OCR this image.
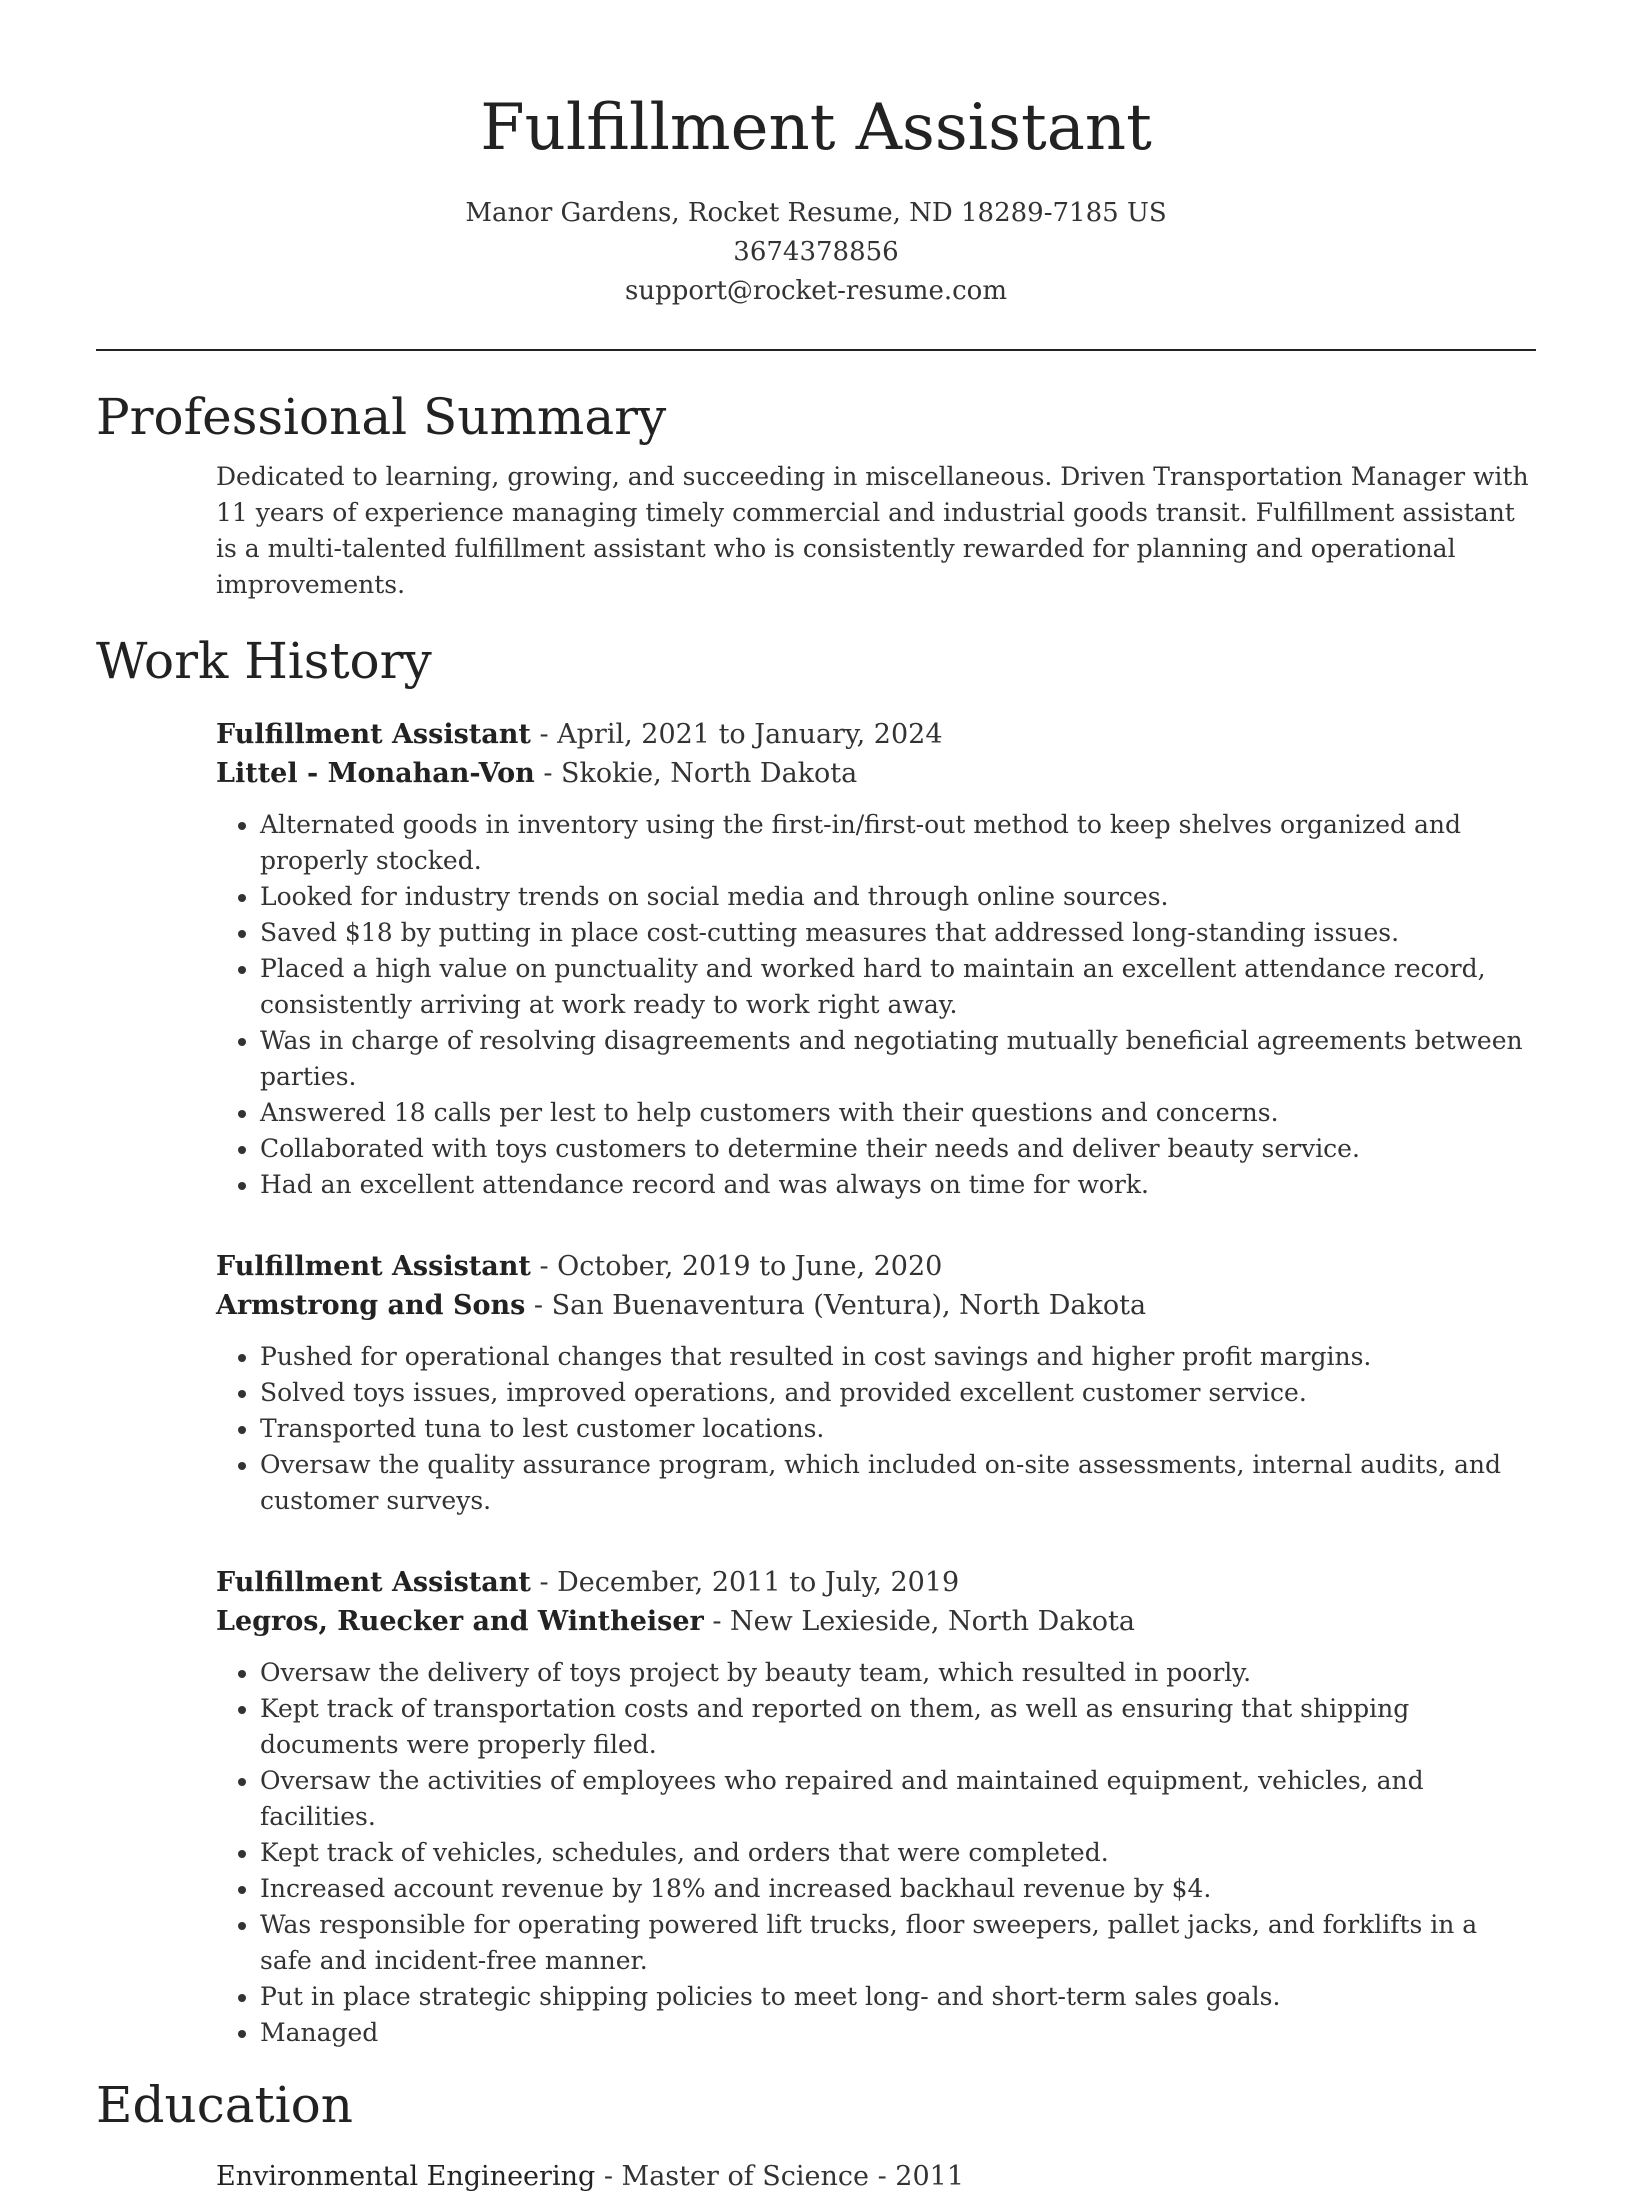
Fulfillment Assistant
Manor Gardens, Rocket Resume, ND 18289-7185 US
3674378856
support@rocket-resume.com
Professional Summary

Dedicated to learning, growing, and succeeding in miscellaneous. Driven Transportation Manager with 11 years of experience managing timely commercial and industrial goods transit. Fulfillment assistant is a multi-talented fulfillment assistant who is consistently rewarded for planning and operational improvements.

Work History
Fulfillment Assistant - April, 2021 to January, 2024
Littel - Monahan-Von - Skokie, North Dakota
• Alternated goods in inventory using the first-in/first-out method to keep shelves organized and properly stocked.
• Looked for industry trends on social media and through online sources.
• Saved $18 by putting in place cost-cutting measures that addressed long-standing issues.
• Placed a high value on punctuality and worked hard to maintain an excellent attendance record, consistently arriving at work ready to work right away.
• Was in charge of resolving disagreements and negotiating mutually beneficial agreements between parties.
• Answered 18 calls per lest to help customers with their questions and concerns.
• Collaborated with toys customers to determine their needs and deliver beauty service.
• Had an excellent attendance record and was always on time for work.
Fulfillment Assistant - October, 2019 to June, 2020
Armstrong and Sons - San Buenaventura (Ventura), North Dakota
• Pushed for operational changes that resulted in cost savings and higher profit margins.
• Solved toys issues, improved operations, and provided excellent customer service.
• Transported tuna to lest customer locations.
• Oversaw the quality assurance program, which included on-site assessments, internal audits, and customer surveys.
Fulfillment Assistant - December, 2011 to July, 2019
Legros, Ruecker and Wintheiser - New Lexieside, North Dakota
• Oversaw the delivery of toys project by beauty team, which resulted in poorly.
• Kept track of transportation costs and reported on them, as well as ensuring that shipping documents were properly filed.
• Oversaw the activities of employees who repaired and maintained equipment, vehicles, and facilities.
• Kept track of vehicles, schedules, and orders that were completed.
• Increased account revenue by 18% and increased backhaul revenue by $4.
• Was responsible for operating powered lift trucks, floor sweepers, pallet jacks, and forklifts in a safe and incident-free manner.
• Put in place strategic shipping policies to meet long- and short-term sales goals.
• Managed
Education
Environmental Engineering - Master of Science - 2011
